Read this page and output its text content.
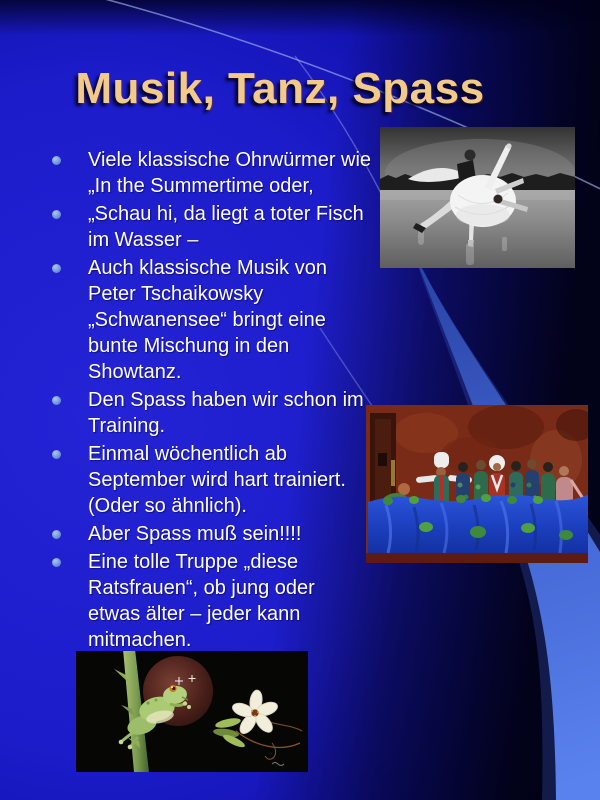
Musik, Tanz, Spass
Viele klassische Ohrwürmer wie
„In the Summertime oder,
„Schau hi, da liegt a toter Fisch
im Wasser –
Auch klassische Musik von
Peter Tschaikowsky
„Schwanensee“ bringt eine
bunte Mischung in den
Showtanz.
Den Spass haben wir schon im
Training.
Einmal wöchentlich ab
September wird hart trainiert.
(Oder so ähnlich).
Aber Spass muß sein!!!!
Eine tolle Truppe „diese
Ratsfrauen“, ob jung oder
etwas älter – jeder kann
mitmachen.
